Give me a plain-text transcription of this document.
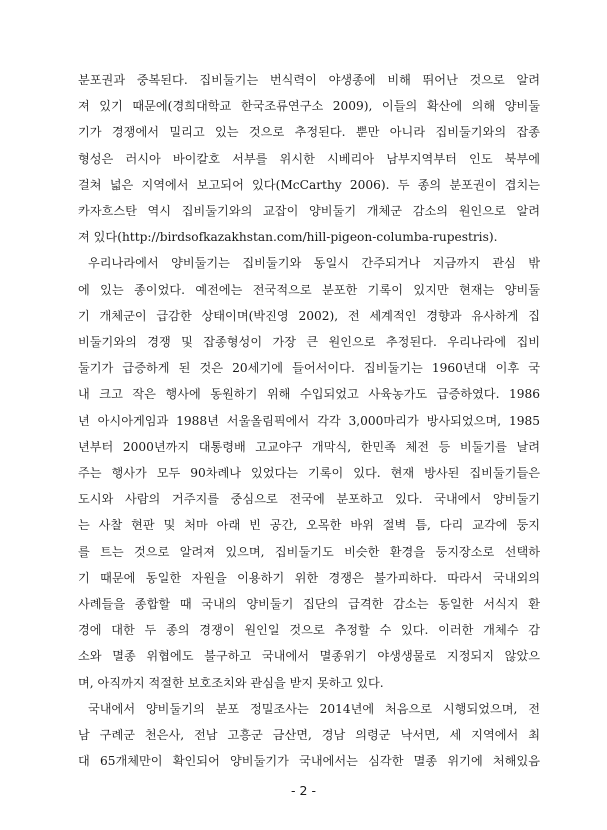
분포권과 중복된다. 집비둘기는 번식력이 야생종에 비해 뛰어난 것으로 알려
져 있기 때문에(경희대학교 한국조류연구소 2009), 이들의 확산에 의해 양비둘
기가 경쟁에서 밀리고 있는 것으로 추정된다. 뿐만 아니라 집비둘기와의 잡종
형성은 러시아 바이칼호 서부를 위시한 시베리아 남부지역부터 인도 북부에
걸쳐 넓은 지역에서 보고되어 있다(McCarthy 2006). 두 종의 분포권이 겹치는
카자흐스탄 역시 집비둘기와의 교잡이 양비둘기 개체군 감소의 원인으로 알려
져 있다(http://birdsofkazakhstan.com/hill-pigeon-columba-rupestris).

우리나라에서 양비둘기는 집비둘기와 동일시 간주되거나 지금까지 관심 밖
에 있는 종이었다. 예전에는 전국적으로 분포한 기록이 있지만 현재는 양비둘
기 개체군이 급감한 상태이며(박진영 2002), 전 세계적인 경향과 유사하게 집
비둘기와의 경쟁 및 잡종형성이 가장 큰 원인으로 추정된다. 우리나라에 집비
둘기가 급증하게 된 것은 20세기에 들어서이다. 집비둘기는 1960년대 이후 국
내 크고 작은 행사에 동원하기 위해 수입되었고 사육농가도 급증하였다. 1986
년 아시아게임과 1988년 서울올림픽에서 각각 3,000마리가 방사되었으며, 1985
년부터 2000년까지 대통령배 고교야구 개막식, 한민족 체전 등 비둘기를 날려
주는 행사가 모두 90차례나 있었다는 기록이 있다. 현재 방사된 집비둘기들은
도시와 사람의 거주지를 중심으로 전국에 분포하고 있다. 국내에서 양비둘기
는 사찰 현판 및 처마 아래 빈 공간, 오목한 바위 절벽 틈, 다리 교각에 둥지
를 트는 것으로 알려져 있으며, 집비둘기도 비슷한 환경을 둥지장소로 선택하
기 때문에 동일한 자원을 이용하기 위한 경쟁은 불가피하다. 따라서 국내외의
사례들을 종합할 때 국내의 양비둘기 집단의 급격한 감소는 동일한 서식지 환
경에 대한 두 종의 경쟁이 원인일 것으로 추정할 수 있다. 이러한 개체수 감
소와 멸종 위협에도 불구하고 국내에서 멸종위기 야생생물로 지정되지 않았으
며, 아직까지 적절한 보호조치와 관심을 받지 못하고 있다.

국내에서 양비둘기의 분포 정밀조사는 2014년에 처음으로 시행되었으며, 전
남 구례군 천은사, 전남 고흥군 금산면, 경남 의령군 낙서면, 세 지역에서 최
대 65개체만이 확인되어 양비둘기가 국내에서는 심각한 멸종 위기에 처해있음

- 2 -
